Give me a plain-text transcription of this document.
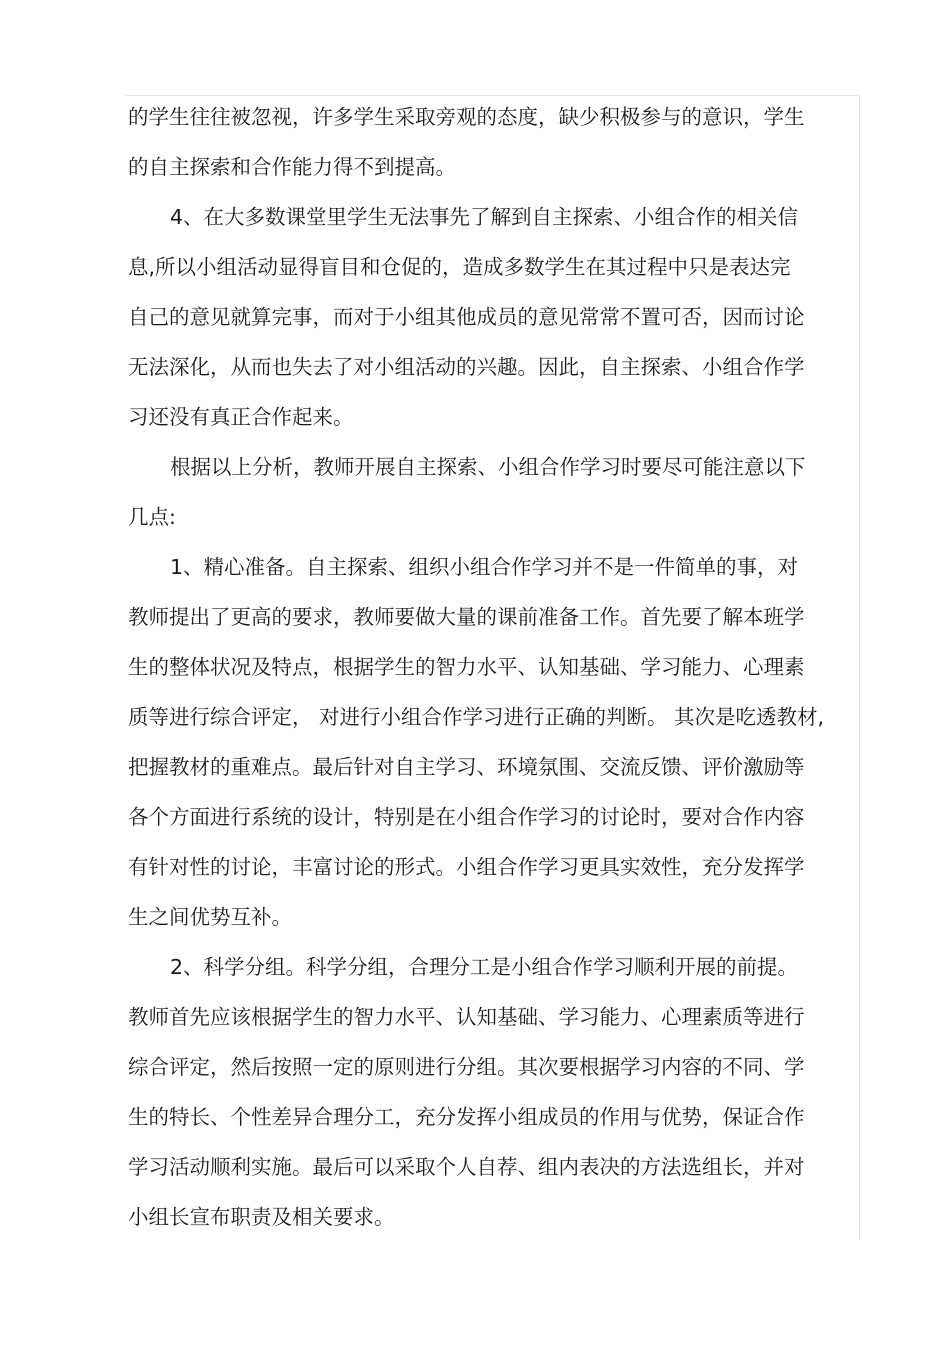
的学生往往被忽视，许多学生采取旁观的态度，缺少积极参与的意识，学生
的自主探索和合作能力得不到提高。
4、在大多数课堂里学生无法事先了解到自主探索、小组合作的相关信
息,所以小组活动显得盲目和仓促的，造成多数学生在其过程中只是表达完
自己的意见就算完事，而对于小组其他成员的意见常常不置可否，因而讨论
无法深化，从而也失去了对小组活动的兴趣。因此，自主探索、小组合作学
习还没有真正合作起来。
根据以上分析，教师开展自主探索、小组合作学习时要尽可能注意以下
几点:
1、精心准备。自主探索、组织小组合作学习并不是一件简单的事，对
教师提出了更高的要求，教师要做大量的课前准备工作。首先要了解本班学
生的整体状况及特点，根据学生的智力水平、认知基础、学习能力、心理素
质等进行综合评定， 对进行小组合作学习进行正确的判断。 其次是吃透教材,
把握教材的重难点。最后针对自主学习、环境氛围、交流反馈、评价激励等
各个方面进行系统的设计，特别是在小组合作学习的讨论时，要对合作内容
有针对性的讨论，丰富讨论的形式。小组合作学习更具实效性，充分发挥学
生之间优势互补。
2、科学分组。科学分组，合理分工是小组合作学习顺利开展的前提。
教师首先应该根据学生的智力水平、认知基础、学习能力、心理素质等进行
综合评定，然后按照一定的原则进行分组。其次要根据学习内容的不同、学
生的特长、个性差异合理分工，充分发挥小组成员的作用与优势，保证合作
学习活动顺利实施。最后可以采取个人自荐、组内表决的方法选组长，并对
小组长宣布职责及相关要求。
